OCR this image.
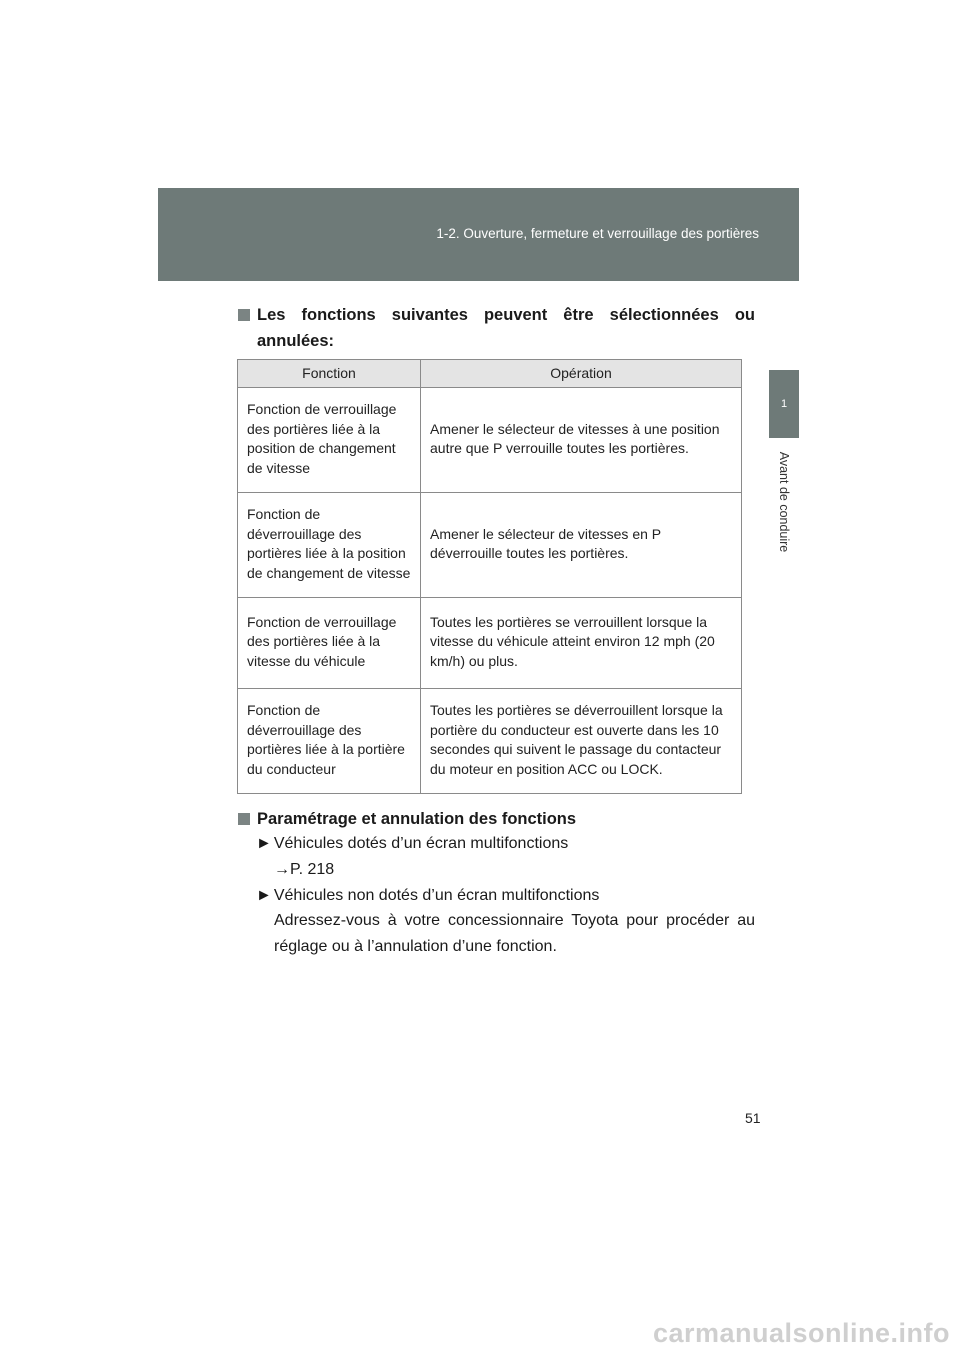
1-2. Ouverture, fermeture et verrouillage des portières
1
Avant de conduire
Les fonctions suivantes peuvent être sélectionnées ou annulées:
Fonction	Opération
Fonction de verrouillage des portières liée à la position de changement de vitesse	Amener le sélecteur de vitesses à une position autre que P verrouille toutes les portières.
Fonction de déverrouillage des portières liée à la position de changement de vitesse	Amener le sélecteur de vitesses en P déverrouille toutes les portières.
Fonction de verrouillage des portières liée à la vitesse du véhicule	Toutes les portières se verrouillent lorsque la vitesse du véhicule atteint environ 12 mph (20 km/h) ou plus.
Fonction de déverrouillage des portières liée à la portière du conducteur	Toutes les portières se déverrouillent lorsque la portière du conducteur est ouverte dans les 10 secondes qui suivent le passage du contacteur du moteur en position ACC ou LOCK.
Paramétrage et annulation des fonctions
► Véhicules dotés d’un écran multifonctions
→P. 218
► Véhicules non dotés d’un écran multifonctions
Adressez-vous à votre concessionnaire Toyota pour procéder au réglage ou à l’annulation d’une fonction.
51
carmanualsonline.info
